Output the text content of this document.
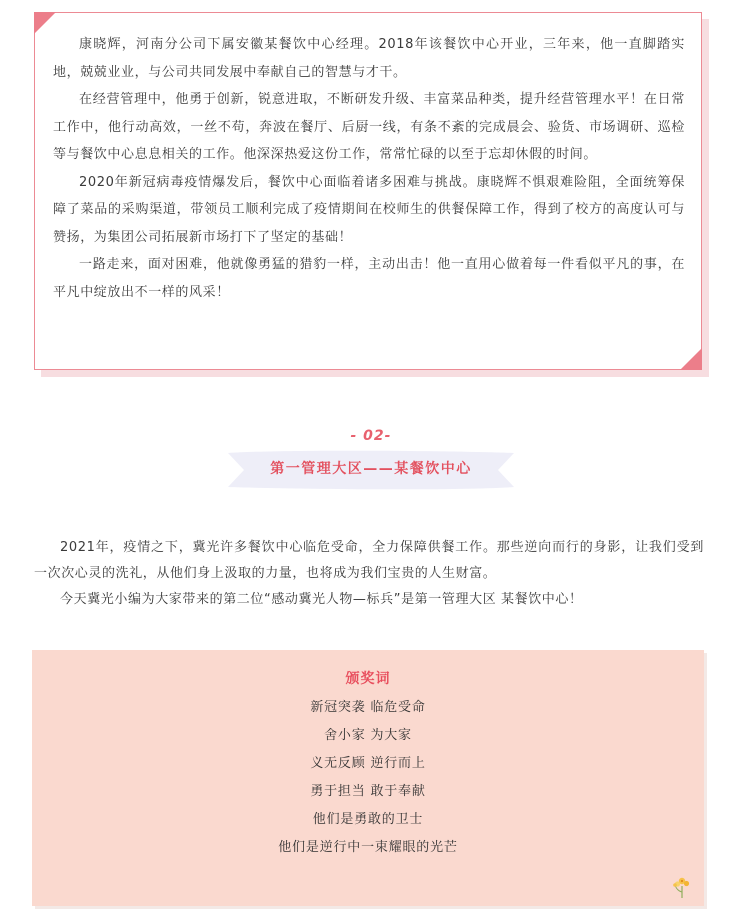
康晓辉，河南分公司下属安徽某餐饮中心经理。2018年该餐饮中心开业，三年来，他一直脚踏实地，兢兢业业，与公司共同发展中奉献自己的智慧与才干。

在经营管理中，他勇于创新，锐意进取，不断研发升级、丰富菜品种类，提升经营管理水平！在日常工作中，他行动高效，一丝不苟，奔波在餐厅、后厨一线，有条不紊的完成晨会、验货、市场调研、巡检等与餐饮中心息息相关的工作。他深深热爱这份工作，常常忙碌的以至于忘却休假的时间。

2020年新冠病毒疫情爆发后，餐饮中心面临着诸多困难与挑战。康晓辉不惧艰难险阻，全面统筹保障了菜品的采购渠道，带领员工顺利完成了疫情期间在校师生的供餐保障工作，得到了校方的高度认可与赞扬，为集团公司拓展新市场打下了坚定的基础！

一路走来，面对困难，他就像勇猛的猎豹一样，主动出击！他一直用心做着每一件看似平凡的事，在平凡中绽放出不一样的风采！

- 02-
第一管理大区——某餐饮中心

2021年，疫情之下，冀光许多餐饮中心临危受命，全力保障供餐工作。那些逆向而行的身影，让我们受到一次次心灵的洗礼，从他们身上汲取的力量，也将成为我们宝贵的人生财富。

今天冀光小编为大家带来的第二位“感动冀光人物—标兵”是第一管理大区 某餐饮中心！

颁奖词
新冠突袭 临危受命
舍小家 为大家
义无反顾 逆行而上
勇于担当 敢于奉献
他们是勇敢的卫士
他们是逆行中一束耀眼的光芒
